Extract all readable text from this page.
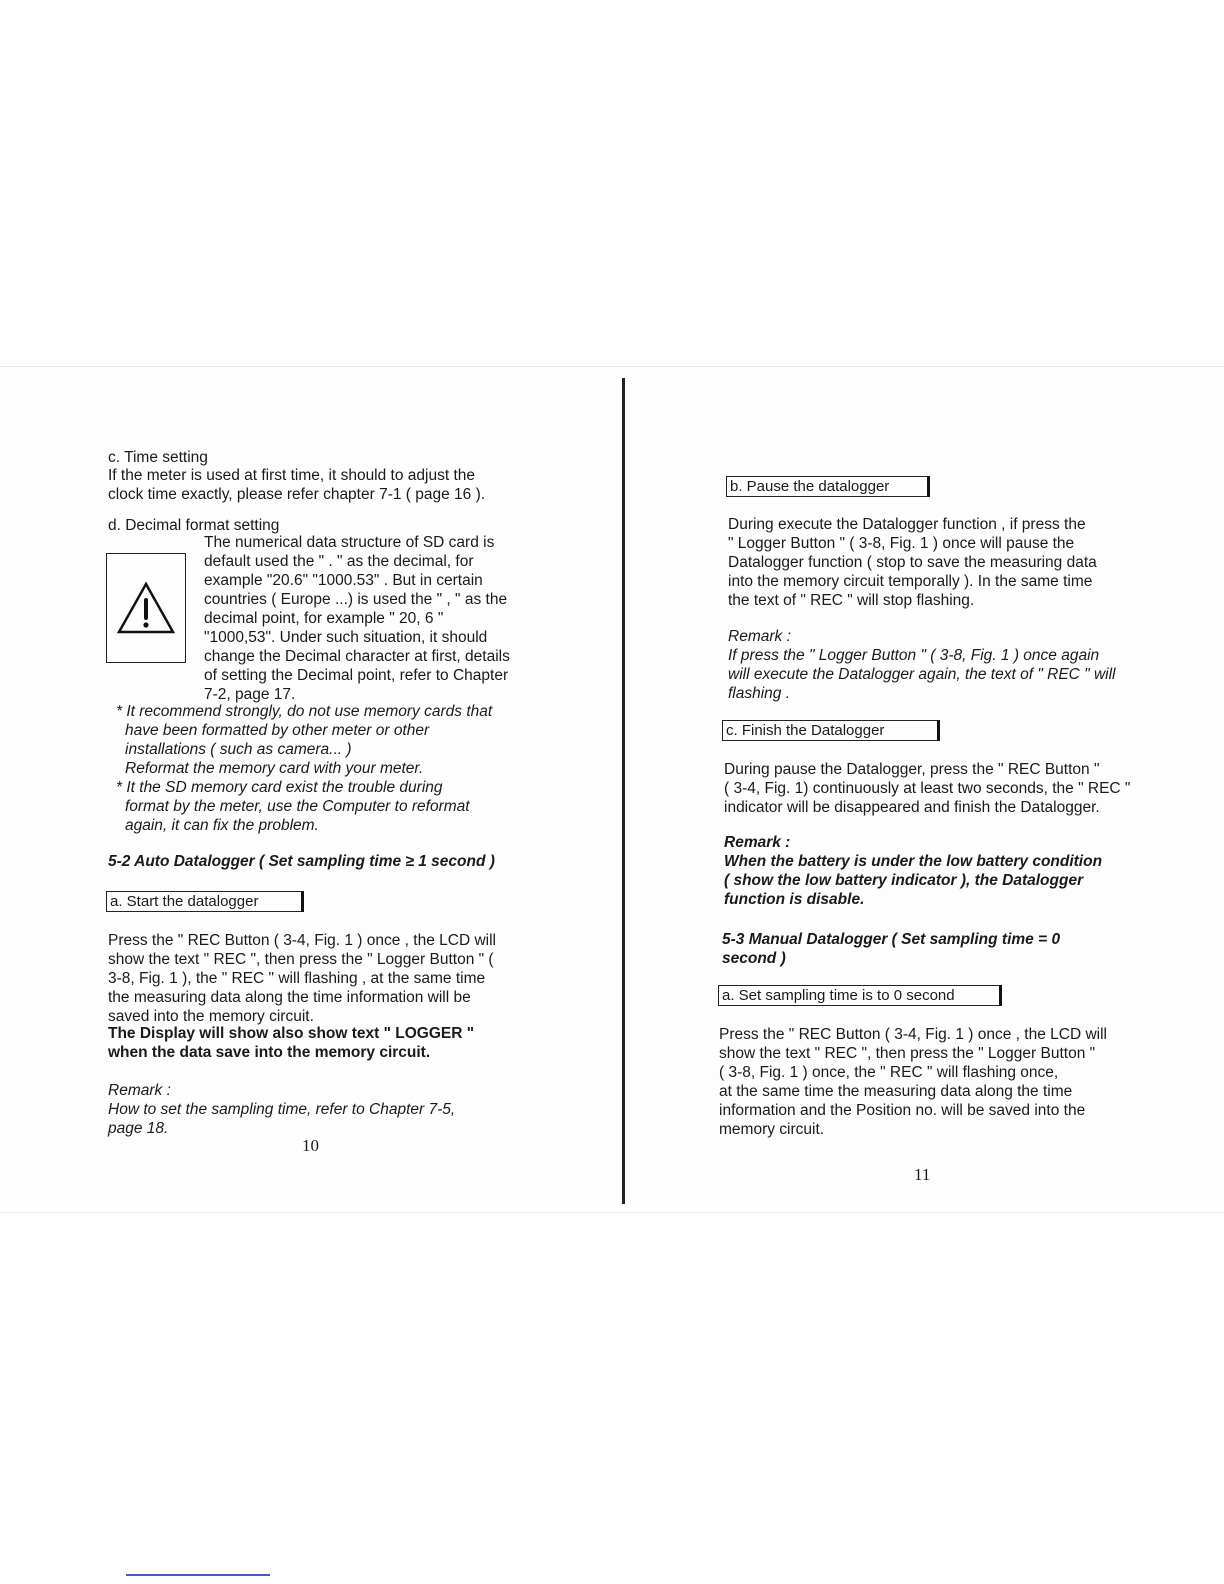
c. Time setting

If the meter is used at first time, it should to adjust the
clock time exactly, please refer chapter 7-1 ( page 16 ).

d. Decimal format setting

The numerical data structure of SD card is
default used the " . " as the decimal, for
example "20.6" "1000.53" . But in certain
countries ( Europe ...) is used the " , " as the
decimal point, for example " 20, 6 "
"1000,53". Under such situation, it should
change the Decimal character at first, details
of setting the Decimal point, refer to Chapter
7-2, page 17.
* It recommend strongly, do not use memory cards that
have been formatted by other meter or other
installations ( such as camera... )
Reformat the memory card with your meter.
* It the SD memory card exist the trouble during
format by the meter, use the Computer to reformat
again, it can fix the problem.

5-2 Auto Datalogger ( Set sampling time ≥ 1 second )

a. Start the datalogger
Press the " REC Button ( 3-4, Fig. 1 ) once , the LCD will
show the text " REC ", then press the " Logger Button " (
3-8, Fig. 1 ), the " REC " will flashing , at the same time
the measuring data along the time information will be
saved into the memory circuit.
The Display will show also show text " LOGGER "
when the data save into the memory circuit.
Remark :
How to set the sampling time, refer to Chapter 7-5,
page 18.
10
b. Pause the datalogger
During execute the Datalogger function , if press the
" Logger Button " ( 3-8, Fig. 1 ) once will pause the
Datalogger function ( stop to save the measuring data
into the memory circuit temporally ). In the same time
the text of " REC " will stop flashing.
Remark :
If press the " Logger Button " ( 3-8, Fig. 1 ) once again
will execute the Datalogger again, the text of " REC " will
flashing .
c. Finish the Datalogger
During pause the Datalogger, press the " REC Button "
( 3-4, Fig. 1) continuously at least two seconds, the " REC "
indicator will be disappeared and finish the Datalogger.
Remark :
When the battery is under the low battery condition
( show the low battery indicator ), the Datalogger
function is disable.
5-3 Manual Datalogger ( Set sampling time = 0
second )
a. Set sampling time is to 0 second
Press the " REC Button ( 3-4, Fig. 1 ) once , the LCD will
show the text " REC ", then press the " Logger Button "
( 3-8, Fig. 1 ) once, the " REC " will flashing once,
at the same time the measuring data along the time
information and the Position no. will be saved into the
memory circuit.
11
